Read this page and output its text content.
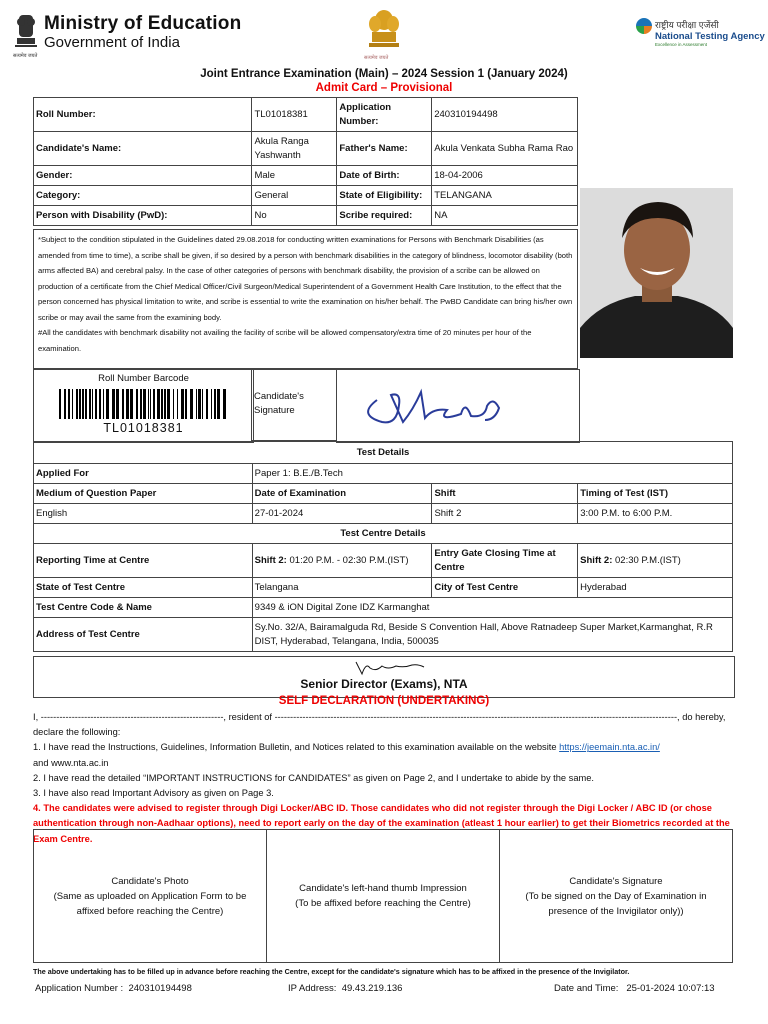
Ministry of Education
Government of India
सत्यमेव जयते	सत्यमेव जयते
राष्ट्रीय परीक्षा एजेंसी
National Testing Agency
Excellence in Assessment
Joint Entrance Examination (Main) – 2024 Session 1 (January 2024)
Admit Card – Provisional
Roll Number:	TL01018381	Application Number:	240310194498
Candidate's Name:	Akula Ranga Yashwanth	Father's Name:	Akula Venkata Subha Rama Rao
Gender:	Male	Date of Birth:	18-04-2006
Category:	General	State of Eligibility:	TELANGANA
Person with Disability (PwD):	No	Scribe required:	NA
*Subject to the condition stipulated in the Guidelines dated 29.08.2018 for conducting written examinations for Persons with Benchmark Disabilities (as amended from time to time), a scribe shall be given, if so desired by a person with benchmark disabilities in the category of blindness, locomotor disability (both arms affected BA) and cerebral palsy. In the case of other categories of persons with benchmark disability, the provision of a scribe can be allowed on production of a certificate from the Chief Medical Officer/Civil Surgeon/Medical Superintendent of a Government Health Care Institution, to the effect that the person concerned has physical limitation to write, and scribe is essential to write the examination on his/her behalf. The PwBD Candidate can bring his/her own scribe or may avail the same from the examining body.
#All the candidates with benchmark disability not availing the facility of scribe will be allowed compensatory/extra time of 20 minutes per hour of the examination.
Roll Number Barcode
TL01018381
Candidate's Signature
Test Details			
Applied For	Paper 1: B.E./B.Tech		
Medium of Question Paper	Date of Examination	Shift	Timing of Test (IST)
English	27-01-2024	Shift 2	3:00 P.M. to 6:00 P.M.
Test Centre Details			
Reporting Time at Centre	Shift 2: 01:20 P.M. - 02:30 P.M.(IST)	Entry Gate Closing Time at Centre	Shift 2: 02:30 P.M.(IST)
State of Test Centre	Telangana	City of Test Centre	Hyderabad
Test Centre Code & Name	9349 & iON Digital Zone IDZ Karmanghat		
Address of Test Centre	Sy.No. 32/A, Bairamalguda Rd, Beside S Convention Hall, Above Ratnadeep Super Market,Karmanghat, R.R DIST, Hyderabad, Telangana, India, 500035		
Senior Director (Exams), NTA
SELF DECLARATION (UNDERTAKING)
I, -----------------------------------------------------------, resident of ----------------------------------------------------------------------------------------------------------------------------------, do hereby, declare the following:
1. I have read the Instructions, Guidelines, Information Bulletin, and Notices related to this examination available on the website https://jeemain.nta.ac.in/
and www.nta.ac.in
2. I have read the detailed “IMPORTANT INSTRUCTIONS for CANDIDATES” as given on Page 2, and I undertake to abide by the same.
3. I have also read Important Advisory as given on Page 3.
4. The candidates were advised to register through Digi Locker/ABC ID. Those candidates who did not register through the Digi Locker / ABC ID (or chose authentication through non-Aadhaar options), need to report early on the day of the examination (atleast 1 hour earlier) to get their Biometrics recorded at the Exam Centre.
Candidate's Photo
(Same as uploaded on Application Form to be affixed before reaching the Centre)
Candidate's left-hand thumb Impression
(To be affixed before reaching the Centre)
Candidate's Signature
(To be signed on the Day of Examination in presence of the Invigilator only))
The above undertaking has to be filled up in advance before reaching the Centre, except for the candidate's signature which has to be affixed in the presence of the Invigilator.
Application Number : 240310194498	IP Address: 49.43.219.136	Date and Time: 25-01-2024 10:07:13
